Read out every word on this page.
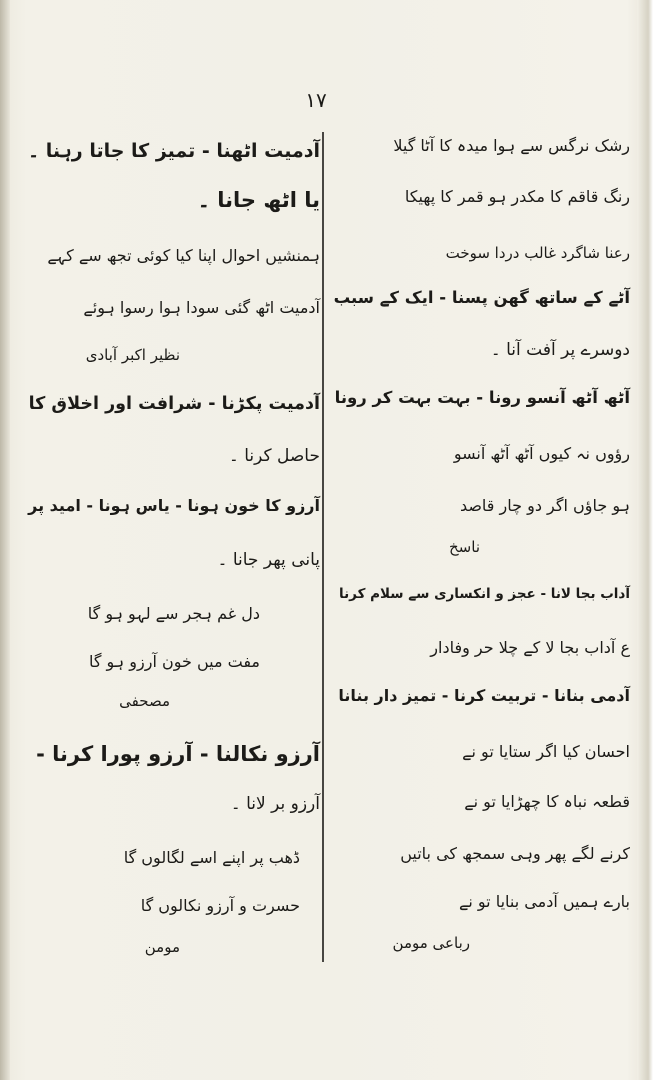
۱۷
رشک نرگس سے ہوا میدہ کا آٹا گیلا
رنگ قاقم کا مکدر ہو قمر کا پھیکا
رعنا شاگرد غالب دردا سوخت
آٹے کے ساتھ گھن پسنا - ایک کے سبب
دوسرے پر آفت آنا ۔
آٹھ آٹھ آنسو رونا - بہت بہت کر رونا
رؤوں نہ کیوں آٹھ آٹھ آنسو
ہو جاؤں اگر دو چار قاصد
ناسخ
آداب بجا لانا - عجز و انکساری سے سلام کرنا
ع آداب بجا لا کے چلا حر وفادار
آدمی بنانا - تربیت کرنا - تمیز دار بنانا
احسان کیا اگر ستایا تو نے
قطعہ نباہ کا چھڑایا تو نے
کرنے لگے پھر وہی سمجھ کی باتیں
بارے ہمیں آدمی بنایا تو نے
رباعی مومن
آدمیت اٹھنا - تمیز کا جاتا رہنا ۔
یا اٹھ جانا ۔
ہمنشیں احوال اپنا کیا کوئی تجھ سے کہے
آدمیت اٹھ گئی سودا ہوا رسوا ہوئے
نظیر اکبر آبادی
آدمیت پکڑنا - شرافت اور اخلاق کا
حاصل کرنا ۔
آرزو کا خون ہونا - یاس ہونا - امید پر
پانی پھر جانا ۔
دل غم ہجر سے لہو ہو گا
مفت میں خون آرزو ہو گا
مصحفی
آرزو نکالنا - آرزو پورا کرنا -
آرزو بر لانا ۔
ڈھب پر اپنے اسے لگالوں گا
حسرت و آرزو نکالوں گا
مومن
